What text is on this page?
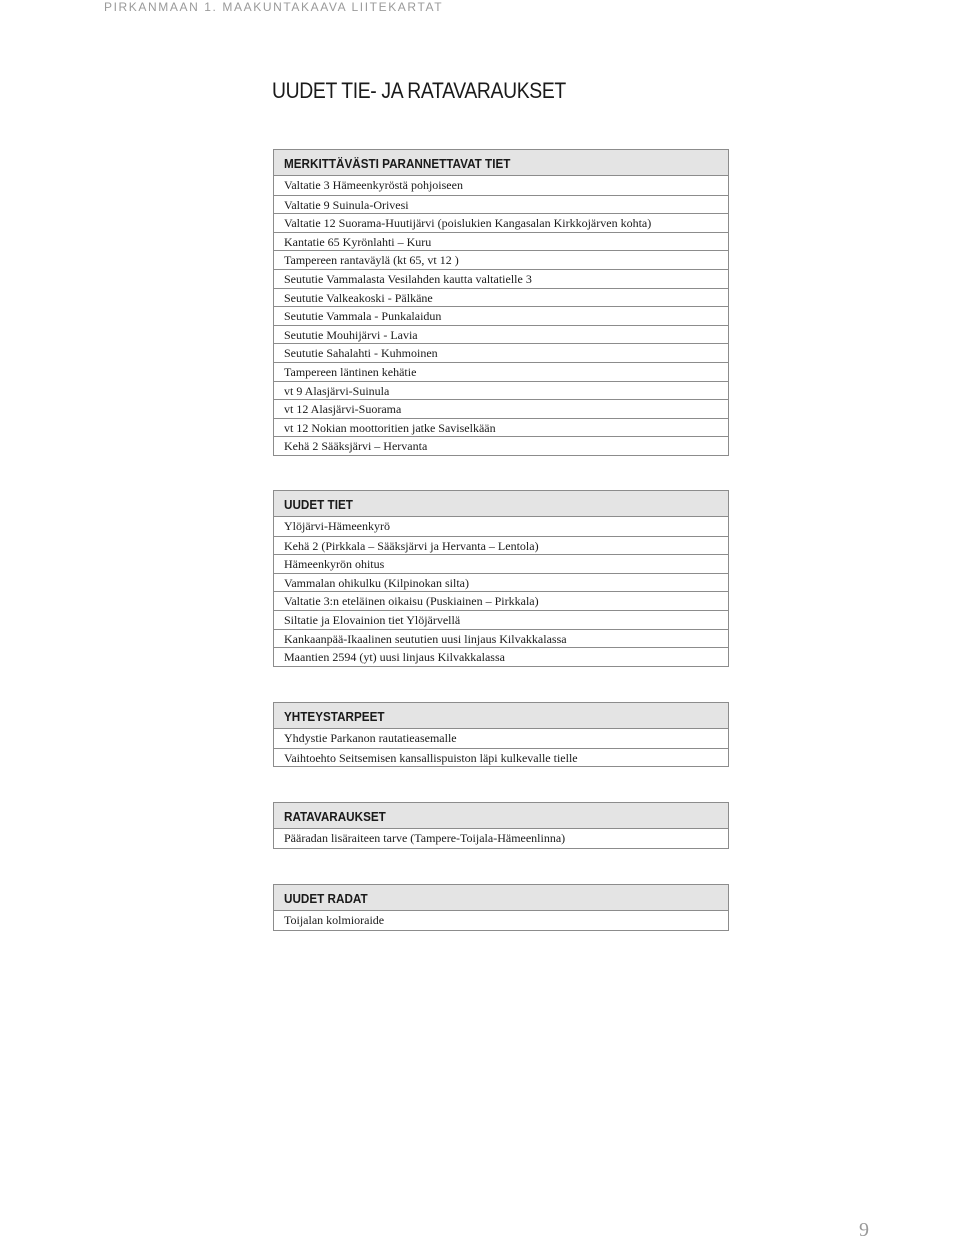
PIRKANMAAN 1. MAAKUNTAKAAVA LIITEKARTAT
UUDET TIE- JA RATAVARAUKSET
MERKITTÄVÄSTI PARANNETTAVAT TIET
Valtatie 3 Hämeenkyröstä pohjoiseen
Valtatie 9 Suinula-Orivesi
Valtatie 12 Suorama-Huutijärvi (poislukien Kangasalan Kirkkojärven kohta)
Kantatie 65 Kyrönlahti – Kuru
Tampereen rantaväylä (kt 65, vt 12 )
Seututie Vammalasta Vesilahden kautta valtatielle 3
Seututie Valkeakoski - Pälkäne
Seututie Vammala - Punkalaidun
Seututie Mouhijärvi - Lavia
Seututie Sahalahti - Kuhmoinen
Tampereen läntinen kehätie
vt 9 Alasjärvi-Suinula
vt 12 Alasjärvi-Suorama
vt 12 Nokian moottoritien jatke Saviselkään
Kehä 2 Sääksjärvi – Hervanta
UUDET TIET
Ylöjärvi-Hämeenkyrö
Kehä 2 (Pirkkala – Sääksjärvi ja Hervanta – Lentola)
Hämeenkyrön ohitus
Vammalan ohikulku (Kilpinokan silta)
Valtatie 3:n eteläinen oikaisu (Puskiainen – Pirkkala)
Siltatie ja Elovainion tiet Ylöjärvellä
Kankaanpää-Ikaalinen seututien uusi linjaus Kilvakkalassa
Maantien 2594 (yt) uusi linjaus Kilvakkalassa
YHTEYSTARPEET
Yhdystie Parkanon rautatieasemalle
Vaihtoehto Seitsemisen kansallispuiston läpi kulkevalle tielle
RATAVARAUKSET
Pääradan lisäraiteen tarve (Tampere-Toijala-Hämeenlinna)
UUDET RADAT
Toijalan kolmioraide
9
